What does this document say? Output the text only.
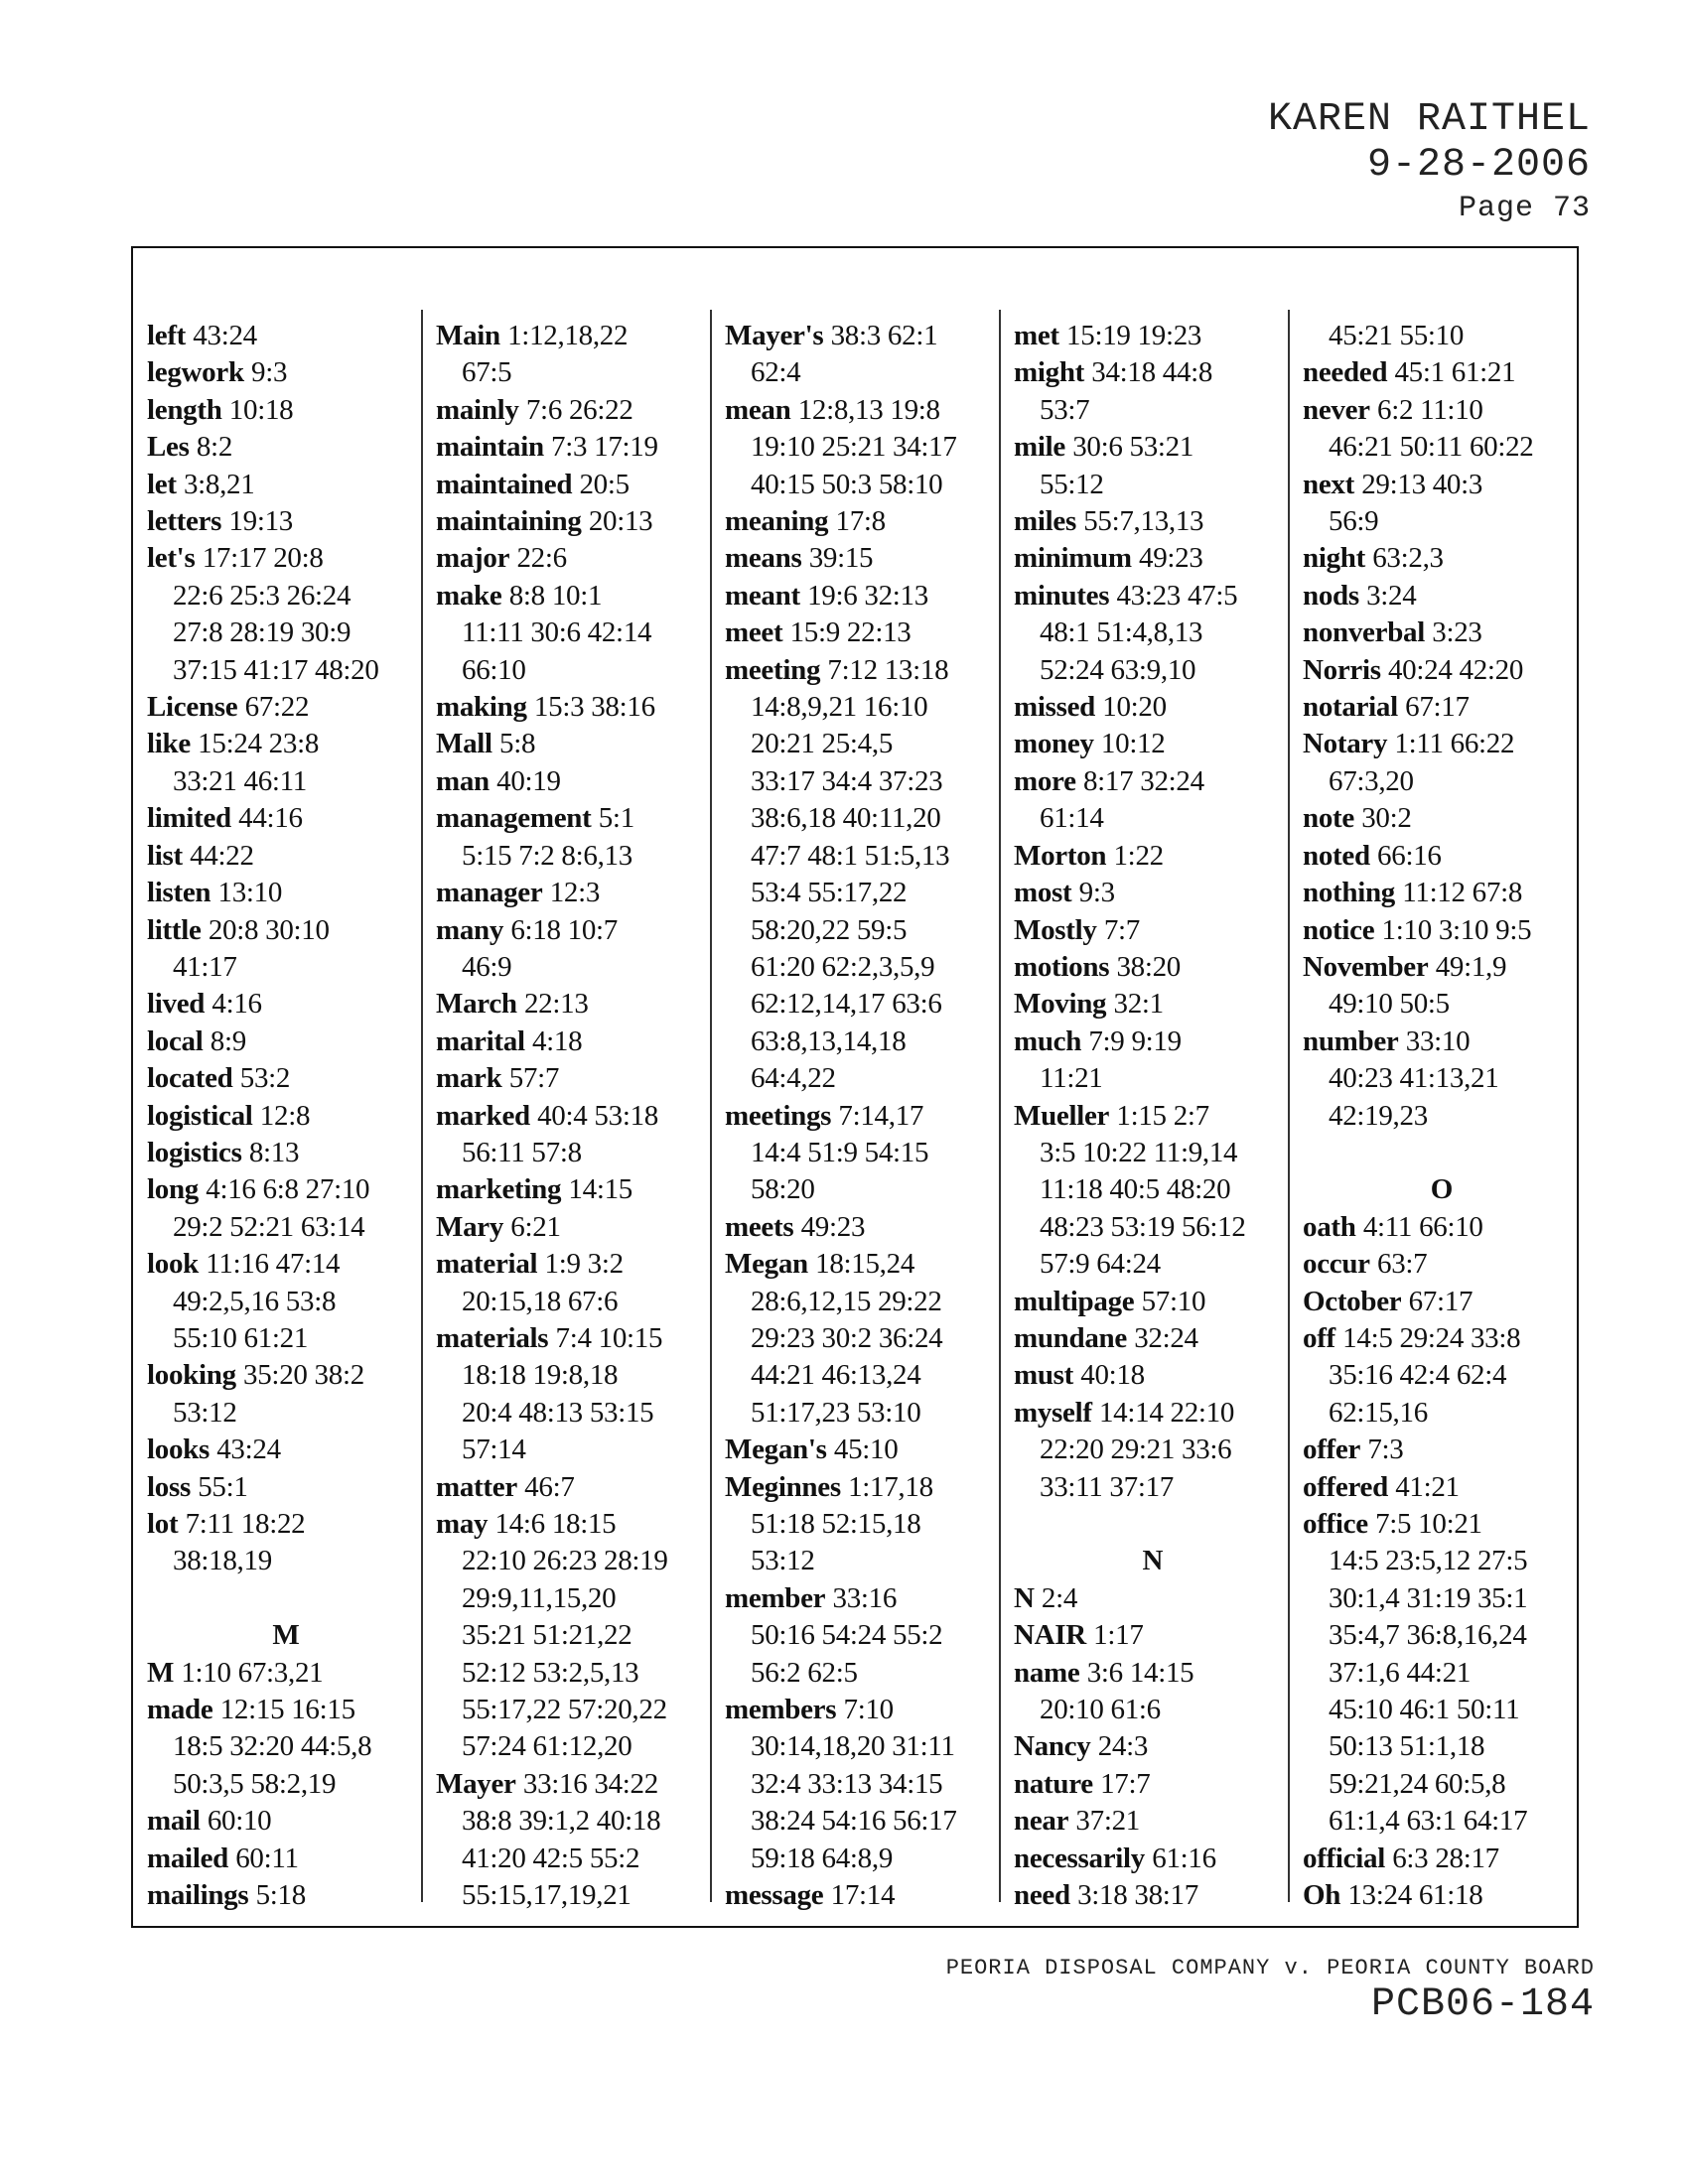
KAREN RAITHEL
9-28-2006
Page 73
left 43:24
legwork 9:3
length 10:18
Les 8:2
let 3:8,21
letters 19:13
let's 17:17 20:8
22:6 25:3 26:24
27:8 28:19 30:9
37:15 41:17 48:20
License 67:22
like 15:24 23:8
33:21 46:11
limited 44:16
list 44:22
listen 13:10
little 20:8 30:10
41:17
lived 4:16
local 8:9
located 53:2
logistical 12:8
logistics 8:13
long 4:16 6:8 27:10
29:2 52:21 63:14
look 11:16 47:14
49:2,5,16 53:8
55:10 61:21
looking 35:20 38:2
53:12
looks 43:24
loss 55:1
lot 7:11 18:22
38:18,19

M
M 1:10 67:3,21
made 12:15 16:15
18:5 32:20 44:5,8
50:3,5 58:2,19
mail 60:10
mailed 60:11
mailings 5:18
Main 1:12,18,22
67:5
mainly 7:6 26:22
maintain 7:3 17:19
maintained 20:5
maintaining 20:13
major 22:6
make 8:8 10:1
11:11 30:6 42:14
66:10
making 15:3 38:16
Mall 5:8
man 40:19
management 5:1
5:15 7:2 8:6,13
manager 12:3
many 6:18 10:7
46:9
March 22:13
marital 4:18
mark 57:7
marked 40:4 53:18
56:11 57:8
marketing 14:15
Mary 6:21
material 1:9 3:2
20:15,18 67:6
materials 7:4 10:15
18:18 19:8,18
20:4 48:13 53:15
57:14
matter 46:7
may 14:6 18:15
22:10 26:23 28:19
29:9,11,15,20
35:21 51:21,22
52:12 53:2,5,13
55:17,22 57:20,22
57:24 61:12,20
Mayer 33:16 34:22
38:8 39:1,2 40:18
41:20 42:5 55:2
55:15,17,19,21
Mayer's 38:3 62:1
62:4
mean 12:8,13 19:8
19:10 25:21 34:17
40:15 50:3 58:10
meaning 17:8
means 39:15
meant 19:6 32:13
meet 15:9 22:13
meeting 7:12 13:18
14:8,9,21 16:10
20:21 25:4,5
33:17 34:4 37:23
38:6,18 40:11,20
47:7 48:1 51:5,13
53:4 55:17,22
58:20,22 59:5
61:20 62:2,3,5,9
62:12,14,17 63:6
63:8,13,14,18
64:4,22
meetings 7:14,17
14:4 51:9 54:15
58:20
meets 49:23
Megan 18:15,24
28:6,12,15 29:22
29:23 30:2 36:24
44:21 46:13,24
51:17,23 53:10
Megan's 45:10
Meginnes 1:17,18
51:18 52:15,18
53:12
member 33:16
50:16 54:24 55:2
56:2 62:5
members 7:10
30:14,18,20 31:11
32:4 33:13 34:15
38:24 54:16 56:17
59:18 64:8,9
message 17:14
met 15:19 19:23
might 34:18 44:8
53:7
mile 30:6 53:21
55:12
miles 55:7,13,13
minimum 49:23
minutes 43:23 47:5
48:1 51:4,8,13
52:24 63:9,10
missed 10:20
money 10:12
more 8:17 32:24
61:14
Morton 1:22
most 9:3
Mostly 7:7
motions 38:20
Moving 32:1
much 7:9 9:19
11:21
Mueller 1:15 2:7
3:5 10:22 11:9,14
11:18 40:5 48:20
48:23 53:19 56:12
57:9 64:24
multipage 57:10
mundane 32:24
must 40:18
myself 14:14 22:10
22:20 29:21 33:6
33:11 37:17

N
N 2:4
NAIR 1:17
name 3:6 14:15
20:10 61:6
Nancy 24:3
nature 17:7
near 37:21
necessarily 61:16
need 3:18 38:17
45:21 55:10
needed 45:1 61:21
never 6:2 11:10
46:21 50:11 60:22
next 29:13 40:3
56:9
night 63:2,3
nods 3:24
nonverbal 3:23
Norris 40:24 42:20
notarial 67:17
Notary 1:11 66:22
67:3,20
note 30:2
noted 66:16
nothing 11:12 67:8
notice 1:10 3:10 9:5
November 49:1,9
49:10 50:5
number 33:10
40:23 41:13,21
42:19,23

O
oath 4:11 66:10
occur 63:7
October 67:17
off 14:5 29:24 33:8
35:16 42:4 62:4
62:15,16
offer 7:3
offered 41:21
office 7:5 10:21
14:5 23:5,12 27:5
30:1,4 31:19 35:1
35:4,7 36:8,16,24
37:1,6 44:21
45:10 46:1 50:11
50:13 51:1,18
59:21,24 60:5,8
61:1,4 63:1 64:17
official 6:3 28:17
Oh 13:24 61:18
PEORIA DISPOSAL COMPANY v. PEORIA COUNTY BOARD
PCB06-184
